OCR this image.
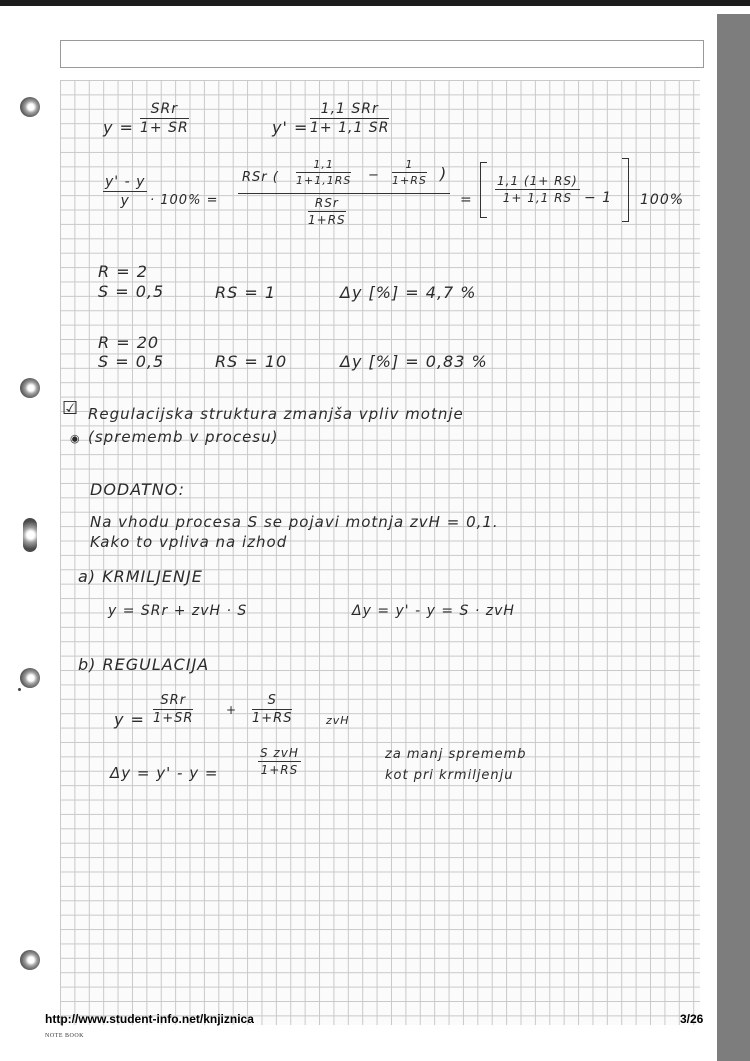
y =
SRr
1+ SR	y' =
1,1 SRr
1+ 1,1 SR
$\frac{y' - y}{y} \cdot 100\%$ =
RSr ( $\frac{1,1}{1+1,1RS} - \frac{1}{1+RS}$ )
RSr
1+RS
= $\frac{1,1 (1+ RS)}{1+ 1,1 RS} - 1$ 100%
R = 2
S = 0,5	RS = 1	Δy [%] = 4,7 %
R = 20
S = 0,5	RS = 10	Δy [%] = 0,83 %
☑ Regulacijska struktura zmanjša vpliv motnje
◉ (sprememb v procesu)
DODATNO:
Na vhodu procesa S se pojavi motnja zvH = 0,1.
Kako to vpliva na izhod
a) KRMILJENJE
y = SRr + zvH · S	Δy = y' - y = S · zvH
b) REGULACIJA
y =
SRr
1+SR
+ $\frac{S}{1+RS}$	zvH
Δy = y' - y =
S zvH
1+RS
za manj sprememb
kot pri krmiljenju
http://www.student-info.net/knjiznica	3/26
NOTE BOOK
